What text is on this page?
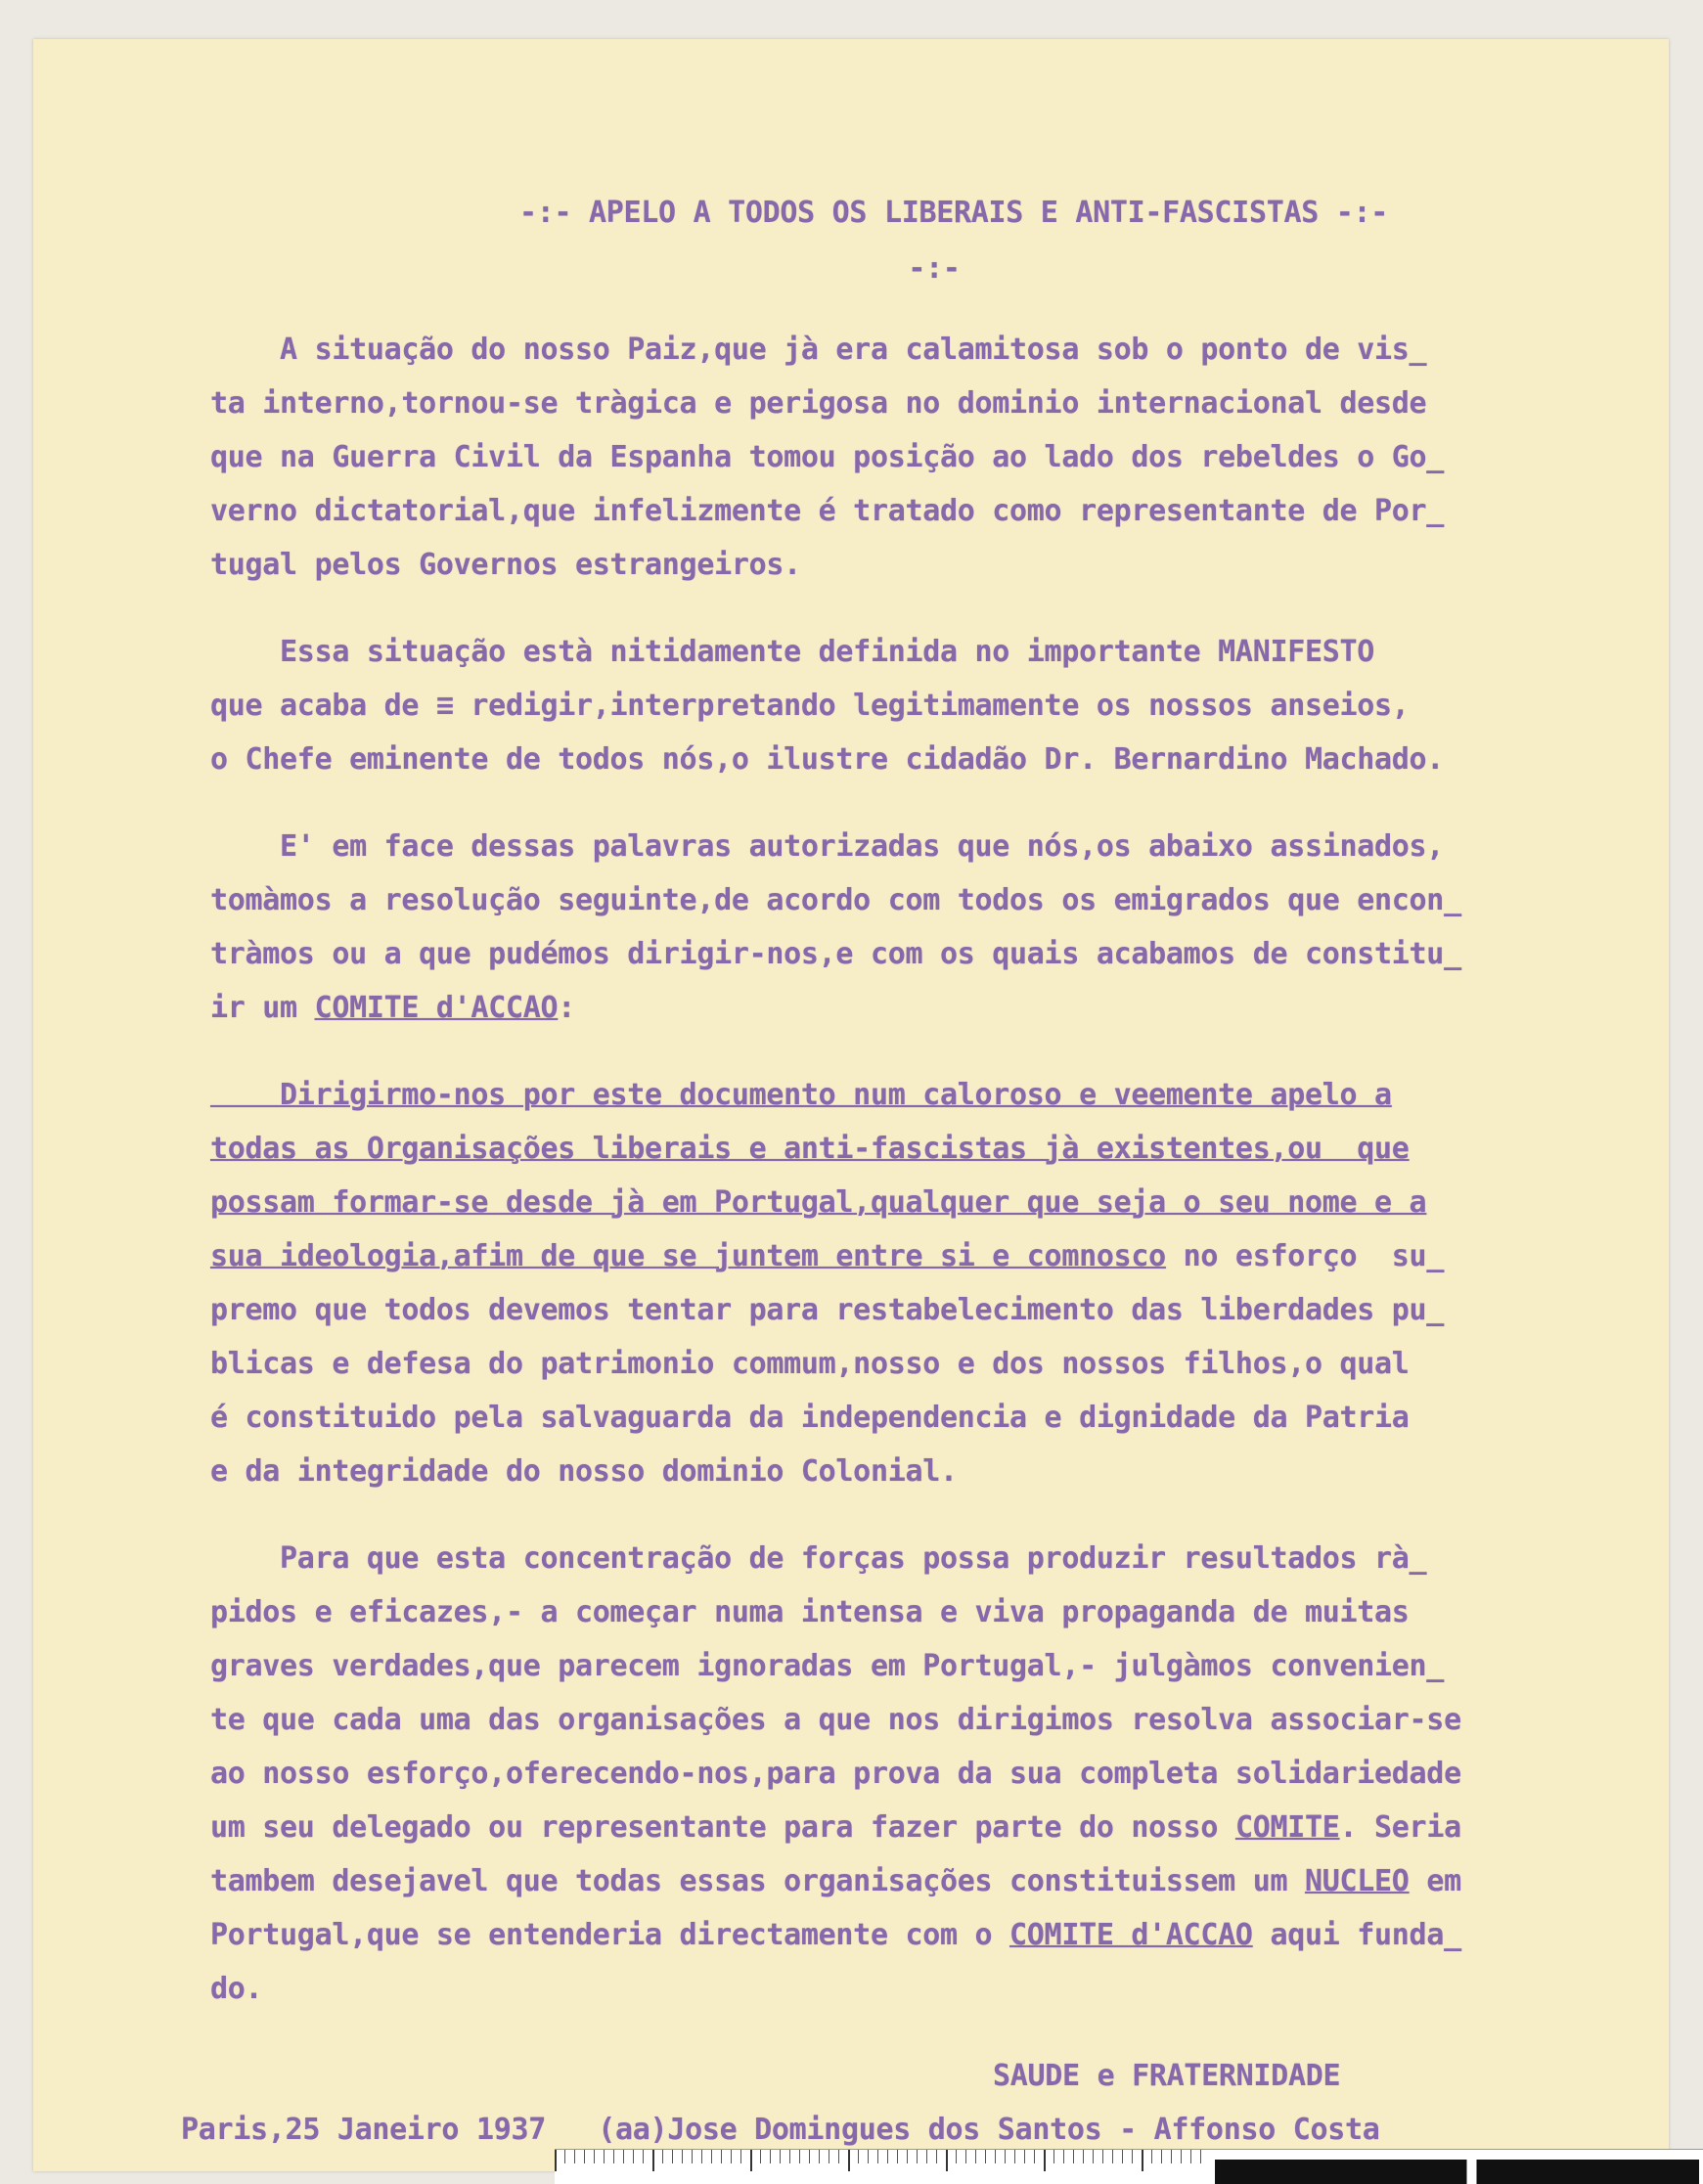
-:- APELO A TODOS OS LIBERAIS E ANTI-FASCISTAS -:-
-:-
A situação do nosso Paiz,que jà era calamitosa sob o ponto de vis_
ta interno,tornou-se tràgica e perigosa no dominio internacional desde
que na Guerra Civil da Espanha tomou posição ao lado dos rebeldes o Go_
verno dictatorial,que infelizmente é tratado como representante de Por_
tugal pelos Governos estrangeiros.
Essa situação està nitidamente definida no importante MANIFESTO
que acaba de ≡ redigir,interpretando legitimamente os nossos anseios,
o Chefe eminente de todos nós,o ilustre cidadão Dr. Bernardino Machado.
E' em face dessas palavras autorizadas que nós,os abaixo assinados,
tomàmos a resolução seguinte,de acordo com todos os emigrados que encon_
tràmos ou a que pudémos dirigir-nos,e com os quais acabamos de constitu_
ir um COMITE d'ACCAO:
Dirigirmo-nos por este documento num caloroso e veemente apelo a
todas as Organisações liberais e anti-fascistas jà existentes,ou  que
possam formar-se desde jà em Portugal,qualquer que seja o seu nome e a
sua ideologia,afim de que se juntem entre si e comnosco no esforço  su_
premo que todos devemos tentar para restabelecimento das liberdades pu_
blicas e defesa do patrimonio commum,nosso e dos nossos filhos,o qual
é constituido pela salvaguarda da independencia e dignidade da Patria
e da integridade do nosso dominio Colonial.
Para que esta concentração de forças possa produzir resultados rà_
pidos e eficazes,- a começar numa intensa e viva propaganda de muitas
graves verdades,que parecem ignoradas em Portugal,- julgàmos convenien_
te que cada uma das organisações a que nos dirigimos resolva associar-se
ao nosso esforço,oferecendo-nos,para prova da sua completa solidariedade
um seu delegado ou representante para fazer parte do nosso COMITE. Seria
tambem desejavel que todas essas organisações constituissem um NUCLEO em
Portugal,que se entenderia directamente com o COMITE d'ACCAO aqui funda_
do.
SAUDE e FRATERNIDADE
Paris,25 Janeiro 1937   (aa)Jose Domingues dos Santos - Affonso Costa
